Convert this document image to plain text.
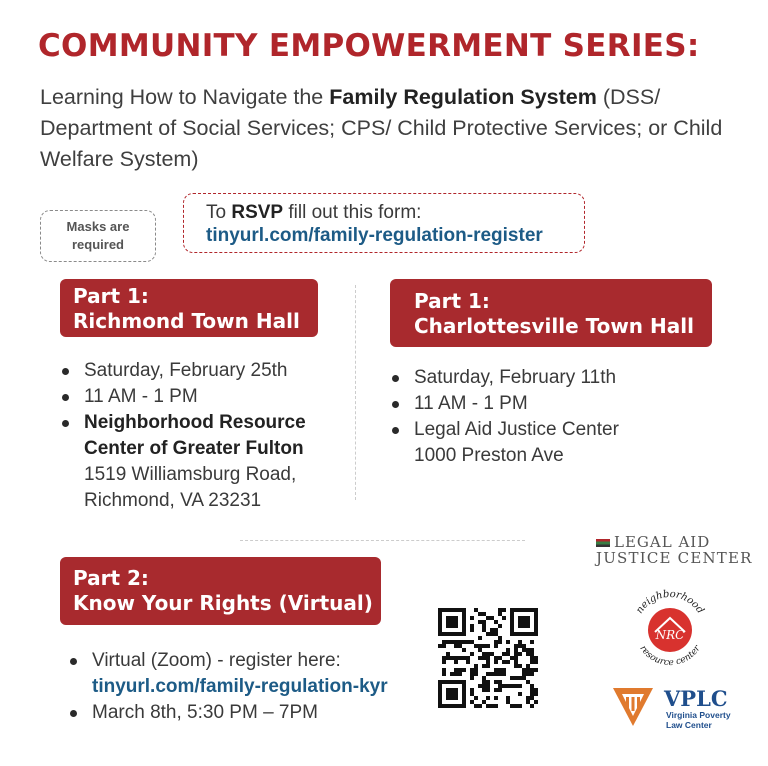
COMMUNITY EMPOWERMENT SERIES:
Learning How to Navigate the Family Regulation System (DSS/ Department of Social Services; CPS/ Child Protective Services; or Child Welfare System)
Masks are
required
To RSVP fill out this form:
tinyurl.com/family-regulation-register
Part 1:
Richmond Town Hall
Saturday, February 25th
11 AM - 1 PM
Neighborhood Resource
Center of Greater Fulton
1519 Williamsburg Road,
Richmond, VA 23231
Part 1:
Charlottesville Town Hall
Saturday, February 11th
11 AM - 1 PM
Legal Aid Justice Center
1000 Preston Ave
Part 2:
Know Your Rights (Virtual)
Virtual (Zoom) - register here:
tinyurl.com/family-regulation-kyr
March 8th, 5:30 PM – 7PM
LEGAL AID
JUSTICE CENTER
neighborhood
NRC
resource center
VPLC
Virginia Poverty
Law Center
